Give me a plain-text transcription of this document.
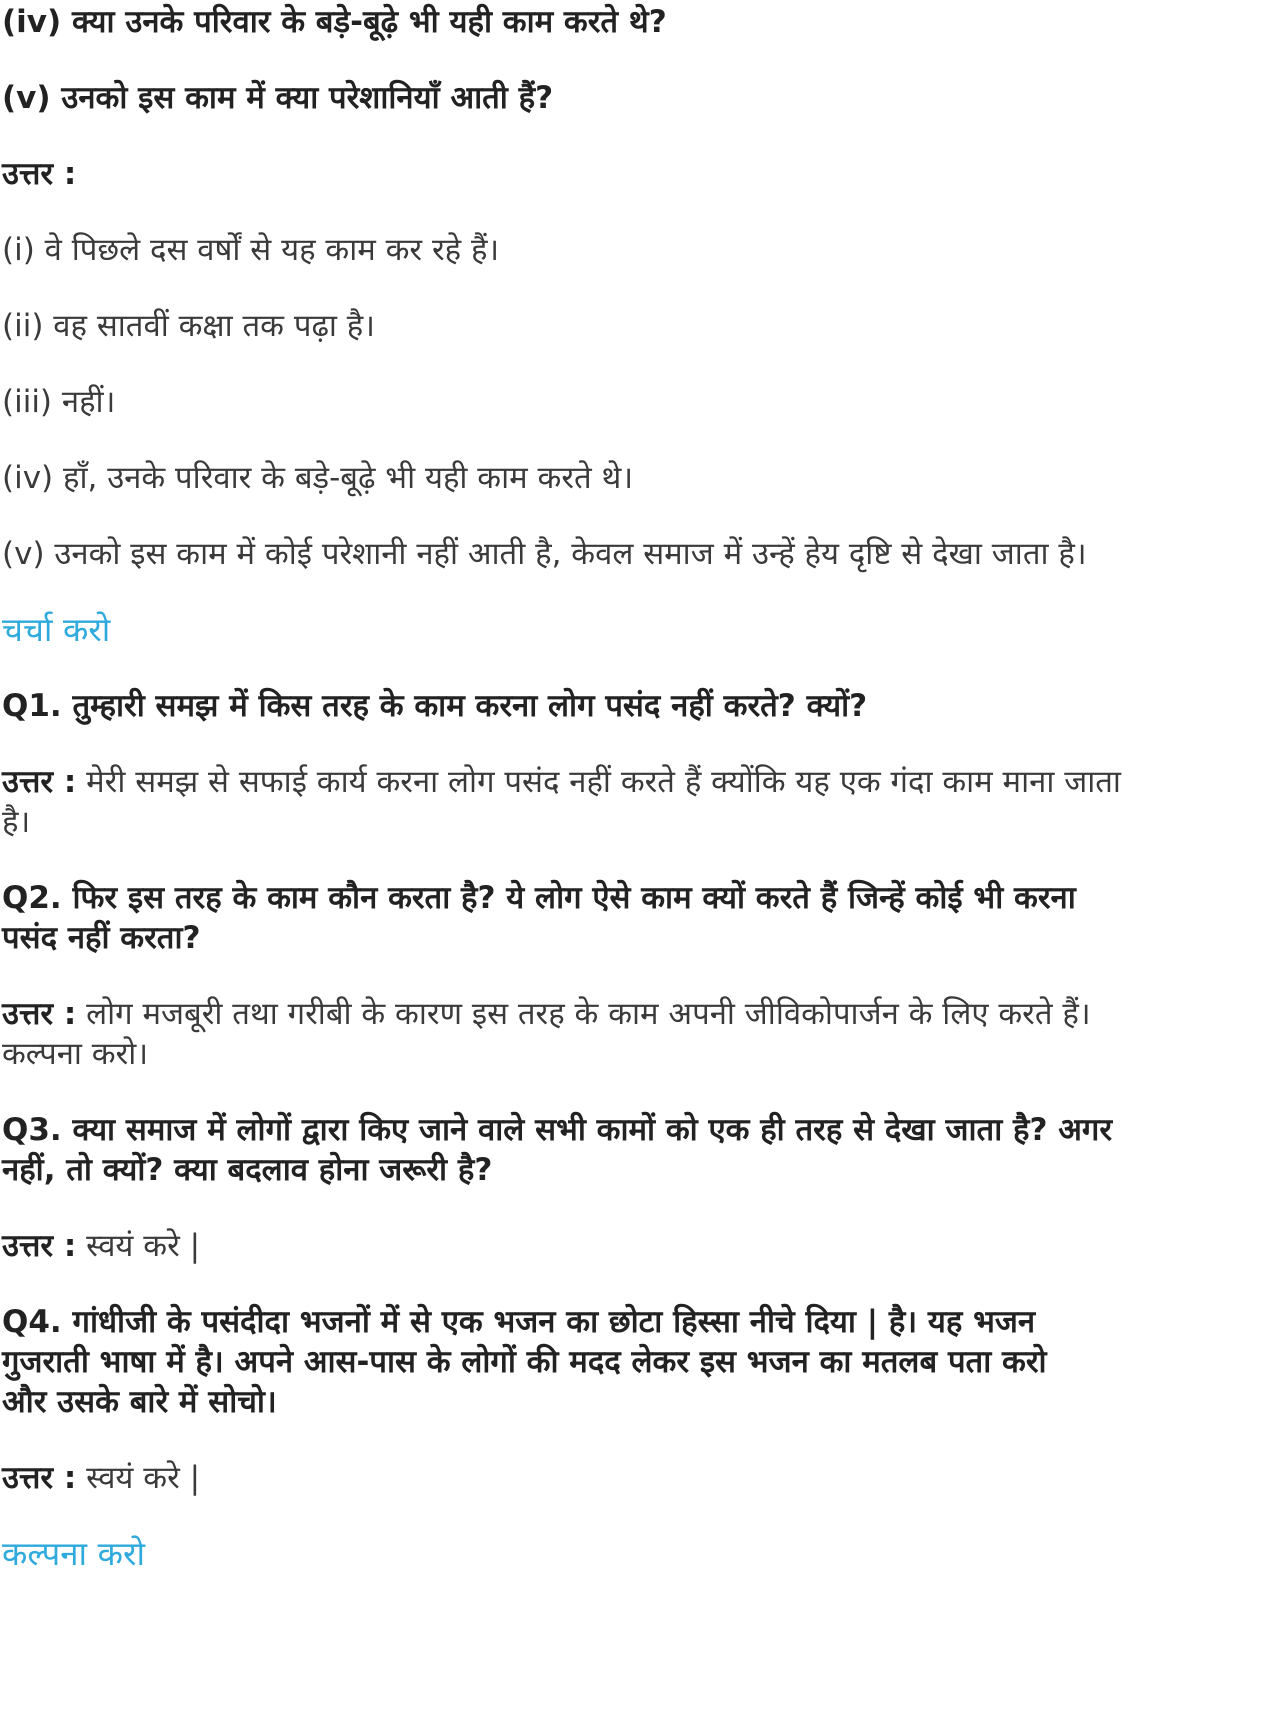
(iv) क्या उनके परिवार के बड़े-बूढ़े भी यही काम करते थे?
(v) उनको इस काम में क्या परेशानियाँ आती हैं?
उत्तर :
(i) वे पिछले दस वर्षों से यह काम कर रहे हैं।
(ii) वह सातवीं कक्षा तक पढ़ा है।
(iii) नहीं।
(iv) हाँ, उनके परिवार के बड़े-बूढ़े भी यही काम करते थे।
(v) उनको इस काम में कोई परेशानी नहीं आती है, केवल समाज में उन्हें हेय दृष्टि से देखा जाता है।
चर्चा करो
Q1. तुम्हारी समझ में किस तरह के काम करना लोग पसंद नहीं करते? क्यों?
उत्तर : मेरी समझ से सफाई कार्य करना लोग पसंद नहीं करते हैं क्योंकि यह एक गंदा काम माना जाता
है।
Q2. फिर इस तरह के काम कौन करता है? ये लोग ऐसे काम क्यों करते हैं जिन्हें कोई भी करना
पसंद नहीं करता?
उत्तर : लोग मजबूरी तथा गरीबी के कारण इस तरह के काम अपनी जीविकोपार्जन के लिए करते हैं।
कल्पना करो।
Q3. क्या समाज में लोगों द्वारा किए जाने वाले सभी कामों को एक ही तरह से देखा जाता है? अगर
नहीं, तो क्यों? क्या बदलाव होना जरूरी है?
उत्तर : स्वयं करे |
Q4. गांधीजी के पसंदीदा भजनों में से एक भजन का छोटा हिस्सा नीचे दिया | है। यह भजन
गुजराती भाषा में है। अपने आस-पास के लोगों की मदद लेकर इस भजन का मतलब पता करो
और उसके बारे में सोचो।
उत्तर : स्वयं करे |
कल्पना करो
